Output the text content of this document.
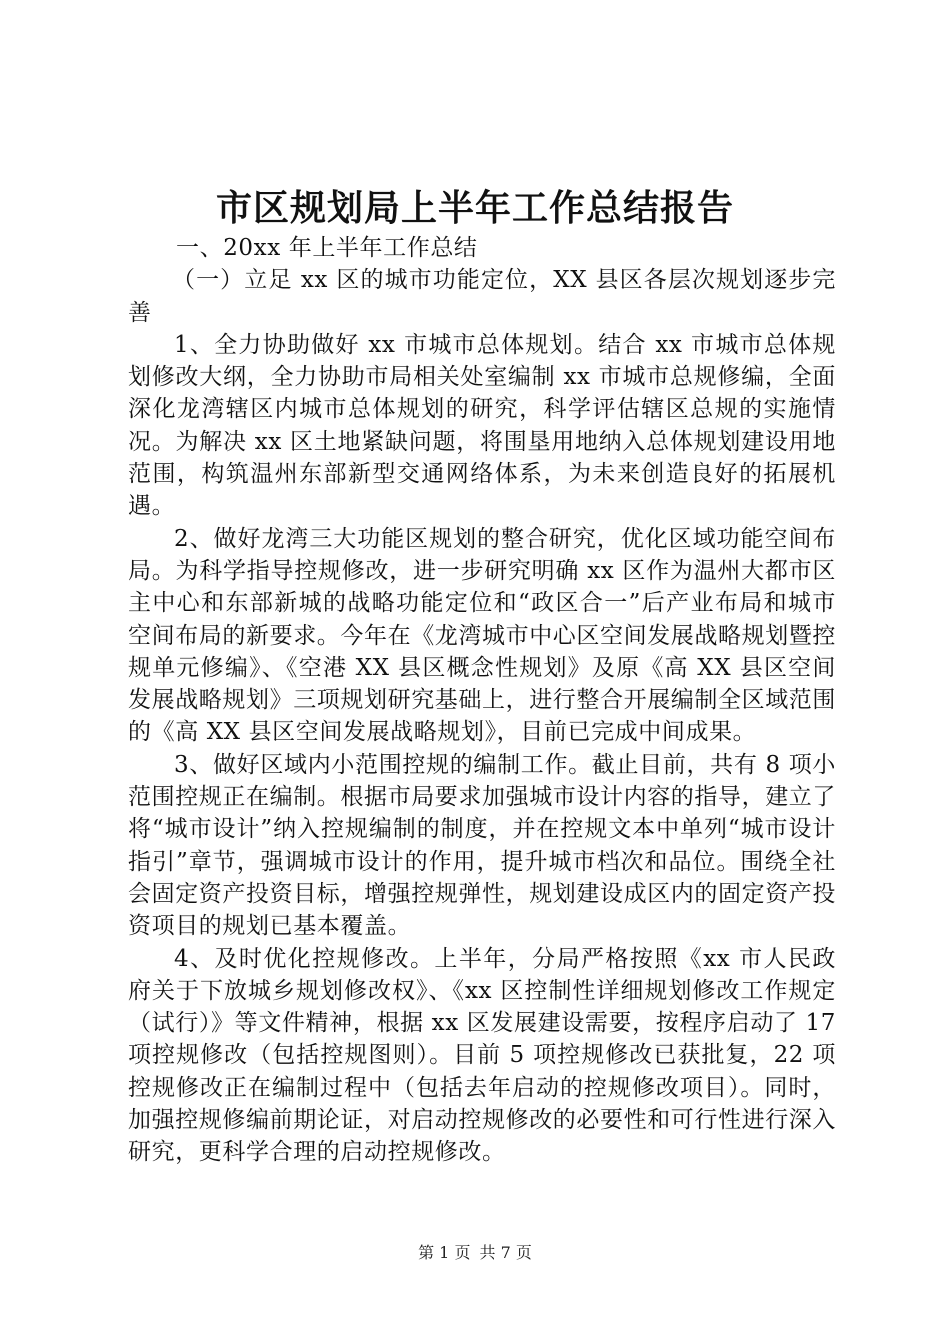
市区规划局上半年工作总结报告

一、20xx 年上半年工作总结

（一）立足 xx 区的城市功能定位，XX 县区各层次规划逐步完善

1、全力协助做好 xx 市城市总体规划。结合 xx 市城市总体规划修改大纲，全力协助市局相关处室编制 xx 市城市总规修编，全面深化龙湾辖区内城市总体规划的研究，科学评估辖区总规的实施情况。为解决 xx 区土地紧缺问题，将围垦用地纳入总体规划建设用地范围，构筑温州东部新型交通网络体系，为未来创造良好的拓展机遇。

2、做好龙湾三大功能区规划的整合研究，优化区域功能空间布局。为科学指导控规修改，进一步研究明确 xx 区作为温州大都市区主中心和东部新城的战略功能定位和“政区合一”后产业布局和城市空间布局的新要求。今年在《龙湾城市中心区空间发展战略规划暨控规单元修编》、《空港 XX 县区概念性规划》及原《高 XX 县区空间发展战略规划》三项规划研究基础上，进行整合开展编制全区域范围的《高 XX 县区空间发展战略规划》，目前已完成中间成果。

3、做好区域内小范围控规的编制工作。截止目前，共有 8 项小范围控规正在编制。根据市局要求加强城市设计内容的指导，建立了将“城市设计”纳入控规编制的制度，并在控规文本中单列“城市设计指引”章节，强调城市设计的作用，提升城市档次和品位。围绕全社会固定资产投资目标，增强控规弹性，规划建设成区内的固定资产投资项目的规划已基本覆盖。

4、及时优化控规修改。上半年，分局严格按照《xx 市人民政府关于下放城乡规划修改权》、《xx 区控制性详细规划修改工作规定（试行）》等文件精神，根据 xx 区发展建设需要，按程序启动了 17 项控规修改（包括控规图则）。目前 5 项控规修改已获批复，22 项控规修改正在编制过程中（包括去年启动的控规修改项目）。同时，加强控规修编前期论证，对启动控规修改的必要性和可行性进行深入研究，更科学合理的启动控规修改。

第 1 页 共 7 页
